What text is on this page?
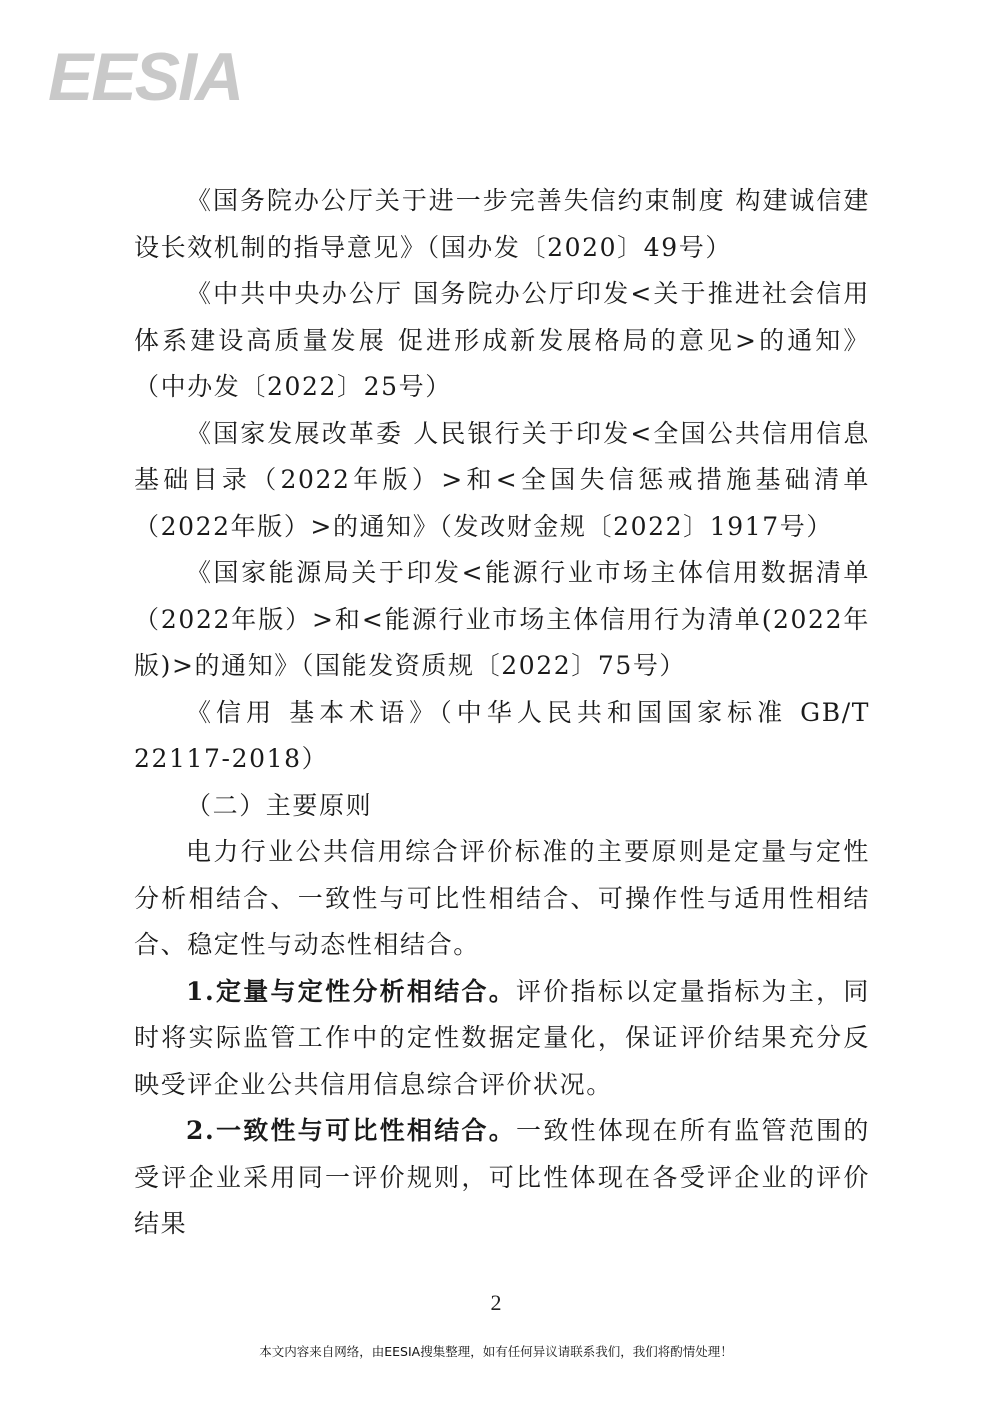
EESIA

《国务院办公厅关于进一步完善失信约束制度 构建诚信建设长效机制的指导意见》（国办发〔2020〕49号）

《中共中央办公厅 国务院办公厅印发<关于推进社会信用体系建设高质量发展 促进形成新发展格局的意见>的通知》（中办发〔2022〕25号）

《国家发展改革委 人民银行关于印发<全国公共信用信息基础目录（2022年版）>和<全国失信惩戒措施基础清单（2022年版）>的通知》（发改财金规〔2022〕1917号）

《国家能源局关于印发<能源行业市场主体信用数据清单（2022年版）>和<能源行业市场主体信用行为清单(2022年版)>的通知》（国能发资质规〔2022〕75号）

《信用 基本术语》（中华人民共和国国家标准 GB/T 22117-2018）

（二）主要原则

电力行业公共信用综合评价标准的主要原则是定量与定性分析相结合、一致性与可比性相结合、可操作性与适用性相结合、稳定性与动态性相结合。

1.定量与定性分析相结合。评价指标以定量指标为主，同时将实际监管工作中的定性数据定量化，保证评价结果充分反映受评企业公共信用信息综合评价状况。

2.一致性与可比性相结合。一致性体现在所有监管范围的受评企业采用同一评价规则，可比性体现在各受评企业的评价结果

2
本文内容来自网络，由EESIA搜集整理，如有任何异议请联系我们，我们将酌情处理！
